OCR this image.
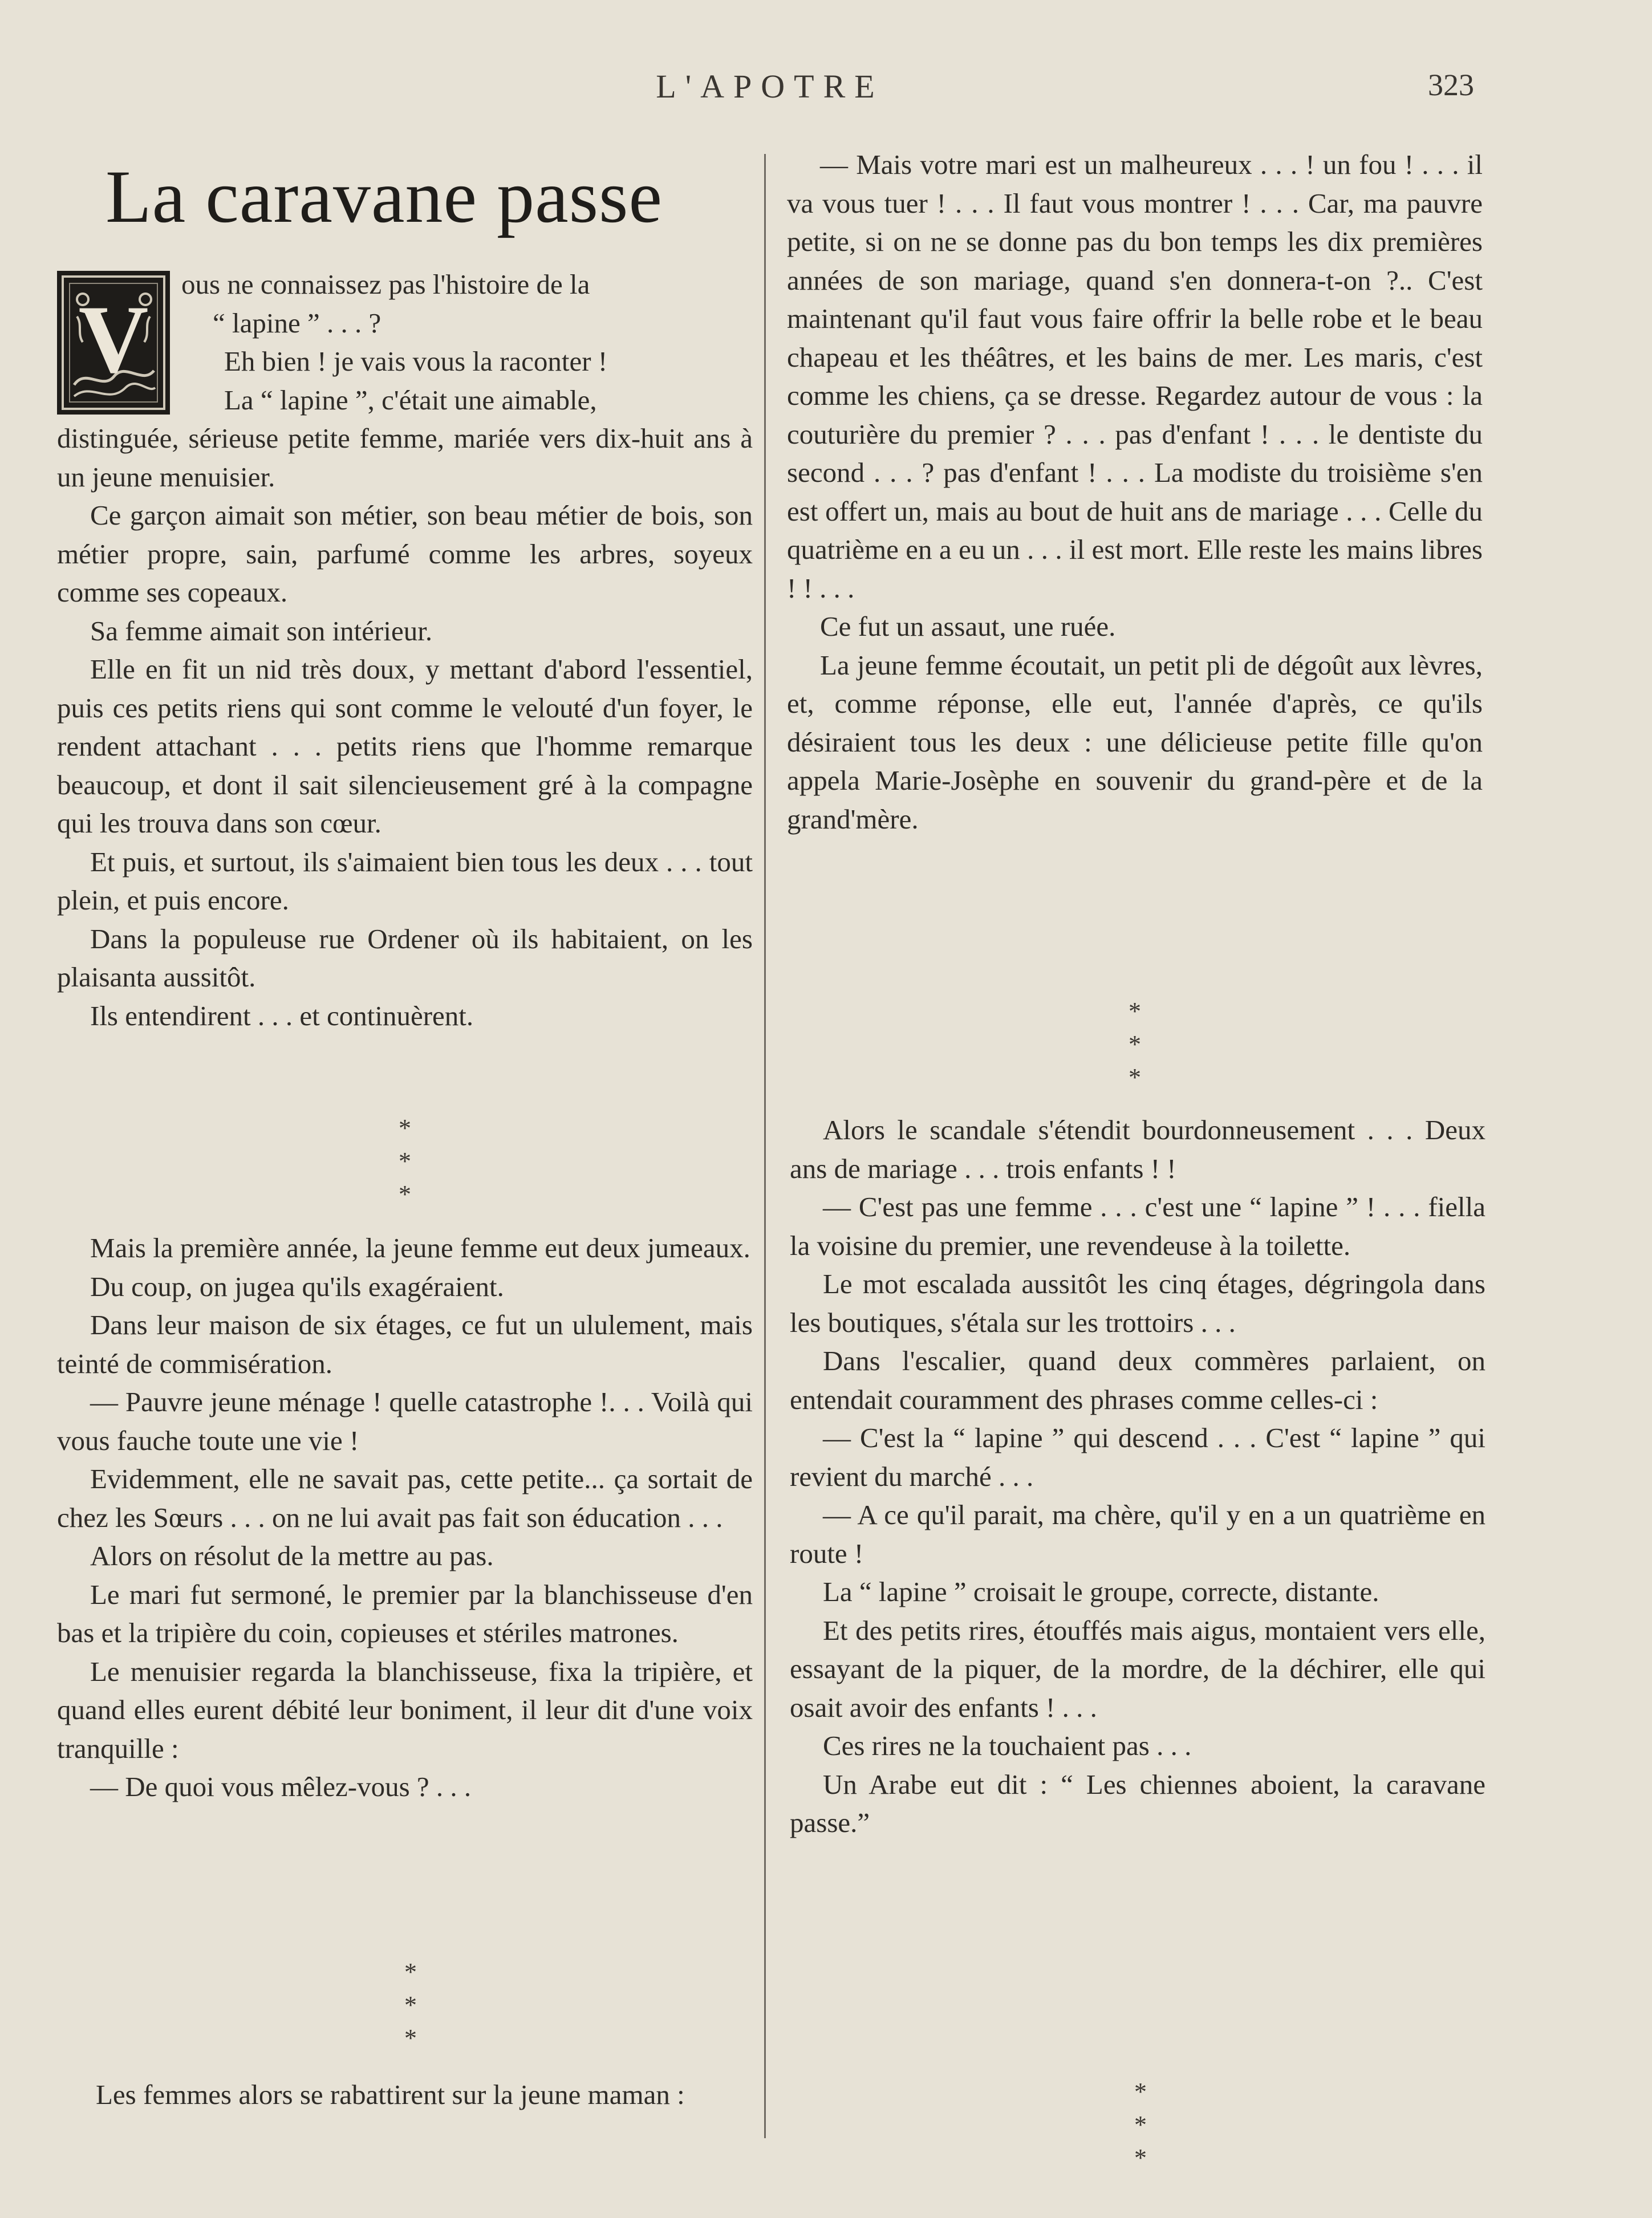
L'APOTRE	323
La caravane passe
V

ous ne connaissez pas l'histoire de la

“ lapine ” . . . ?

Eh bien ! je vais vous la raconter !

La “ lapine ”, c'était une aimable,

distinguée, sérieuse petite femme, mariée vers dix-huit ans à un jeune menuisier.

Ce garçon aimait son métier, son beau métier de bois, son métier propre, sain, parfumé comme les arbres, soyeux comme ses copeaux.

Sa femme aimait son intérieur.

Elle en fit un nid très doux, y mettant d'abord l'essentiel, puis ces petits riens qui sont comme le velouté d'un foyer, le rendent attachant . . . petits riens que l'homme remarque beaucoup, et dont il sait silencieusement gré à la compagne qui les trouva dans son cœur.

Et puis, et surtout, ils s'aimaient bien tous les deux . . . tout plein, et puis encore.

Dans la populeuse rue Ordener où ils habitaient, on les plaisanta aussitôt.

Ils entendirent . . . et continuèrent.

*
* *

Mais la première année, la jeune femme eut deux jumeaux.

Du coup, on jugea qu'ils exagéraient.

Dans leur maison de six étages, ce fut un ululement, mais teinté de commisération.

— Pauvre jeune ménage ! quelle catastrophe !. . . Voilà qui vous fauche toute une vie !

Evidemment, elle ne savait pas, cette petite... ça sortait de chez les Sœurs . . . on ne lui avait pas fait son éducation . . .

Alors on résolut de la mettre au pas.

Le mari fut sermoné, le premier par la blanchisseuse d'en bas et la tripière du coin, copieuses et stériles matrones.

Le menuisier regarda la blanchisseuse, fixa la tripière, et quand elles eurent débité leur boniment, il leur dit d'une voix tranquille :

— De quoi vous mêlez-vous ? . . .

*
* *

Les femmes alors se rabattirent sur la jeune maman :

— Mais votre mari est un malheureux . . . ! un fou ! . . . il va vous tuer ! . . . Il faut vous montrer ! . . . Car, ma pauvre petite, si on ne se donne pas du bon temps les dix premières années de son mariage, quand s'en donnera-t-on ?.. C'est maintenant qu'il faut vous faire offrir la belle robe et le beau chapeau et les théâtres, et les bains de mer. Les maris, c'est comme les chiens, ça se dresse. Regardez autour de vous : la couturière du premier ? . . . pas d'enfant ! . . . le dentiste du second . . . ? pas d'enfant ! . . . La modiste du troisième s'en est offert un, mais au bout de huit ans de mariage . . . Celle du quatrième en a eu un . . . il est mort. Elle reste les mains libres ! ! . . .

Ce fut un assaut, une ruée.

La jeune femme écoutait, un petit pli de dégoût aux lèvres, et, comme réponse, elle eut, l'année d'après, ce qu'ils désiraient tous les deux : une délicieuse petite fille qu'on appela Marie-Josèphe en souvenir du grand-père et de la grand'mère.

*
* *

Alors le scandale s'étendit bourdonneusement . . . Deux ans de mariage . . . trois enfants ! !

— C'est pas une femme . . . c'est une “ lapine ” ! . . . fiella la voisine du premier, une revendeuse à la toilette.

Le mot escalada aussitôt les cinq étages, dégringola dans les boutiques, s'étala sur les trottoirs . . .

Dans l'escalier, quand deux commères parlaient, on entendait couramment des phrases comme celles-ci :

— C'est la “ lapine ” qui descend . . . C'est “ lapine ” qui revient du marché . . .

— A ce qu'il parait, ma chère, qu'il y en a un quatrième en route !

La “ lapine ” croisait le groupe, correcte, distante.

Et des petits rires, étouffés mais aigus, montaient vers elle, essayant de la piquer, de la mordre, de la déchirer, elle qui osait avoir des enfants ! . . .

Ces rires ne la touchaient pas . . .

Un Arabe eut dit : “ Les chiennes aboient, la caravane passe.”

*
* *
